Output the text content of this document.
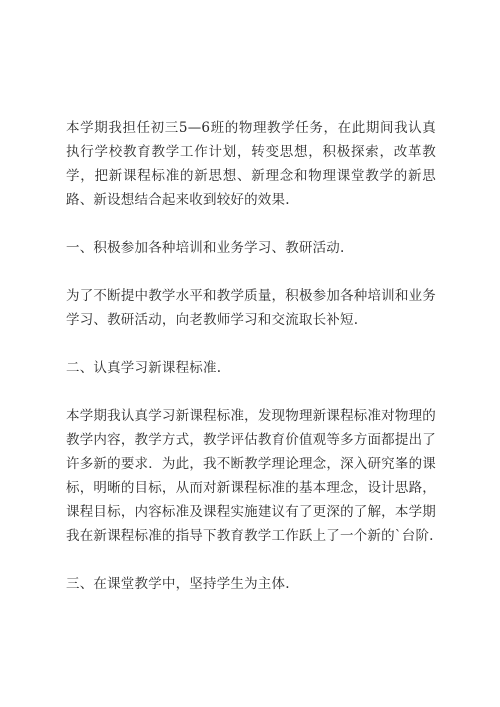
本学期我担任初三5—6班的物理教学任务，在此期间我认真执行学校教育教学工作计划，转变思想，积极探索，改革教学，把新课程标准的新思想、新理念和物理课堂教学的新思路、新设想结合起来收到较好的效果.

一、积极参加各种培训和业务学习、教研活动.

为了不断提中教学水平和教学质量，积极参加各种培训和业务学习、教研活动，向老教师学习和交流取长补短.

二、认真学习新课程标准.

本学期我认真学习新课程标准，发现物理新课程标准对物理的教学内容，教学方式，教学评估教育价值观等多方面都提出了许多新的要求．为此，我不断教学理论理念，深入研究峯的课标，明晰的目标，从而对新课程标准的基本理念，设计思路，课程目标，内容标准及课程实施建议有了更深的了解，本学期我在新课程标准的指导下教育教学工作跃上了一个新的`台阶.

三、在课堂教学中，坚持学生为主体.
